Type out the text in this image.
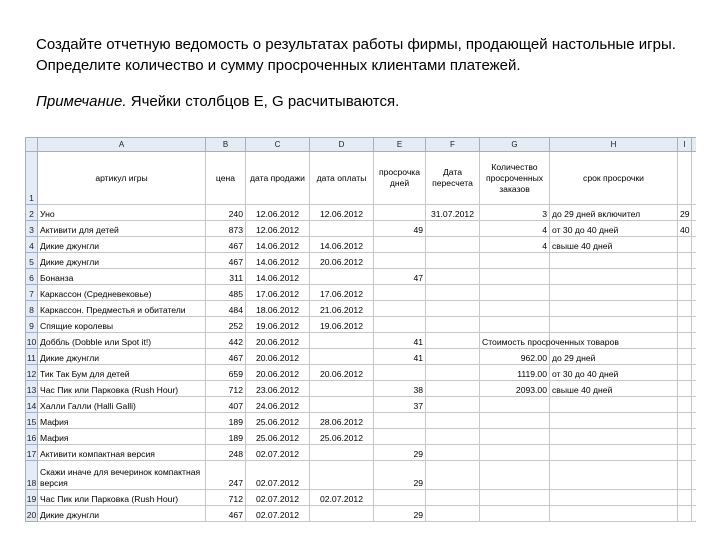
Создайте отчетную ведомость о результатах работы фирмы, продающей настольные игры. Определите количество и сумму просроченных клиентами платежей.

Примечание. Ячейки столбцов E, G расчитываются.

	A	B	C	D	E	F	G	H	I	
1	артикул игры	цена	дата продажи	дата оплаты	просрочка дней	Дата пересчета	Количество просроченных заказов	срок просрочки		
2	Уно	240	12.06.2012	12.06.2012		31.07.2012	3	до 29 дней включител	29	
3	Активити для детей	873	12.06.2012		49		4	от 30 до 40 дней	40	
4	Дикие джунгли	467	14.06.2012	14.06.2012			4	свыше 40 дней		
5	Дикие джунгли	467	14.06.2012	20.06.2012						
6	Бонанза	311	14.06.2012		47					
7	Каркассон (Средневековье)	485	17.06.2012	17.06.2012						
8	Каркассон. Предместья и обитатели	484	18.06.2012	21.06.2012						
9	Спящие королевы	252	19.06.2012	19.06.2012						
10	Доббль (Dobble или Spot it!)	442	20.06.2012		41		Стоимость просроченных товаров			
11	Дикие джунгли	467	20.06.2012		41		962.00	до 29 дней		
12	Тик Так Бум для детей	659	20.06.2012	20.06.2012			1119.00	от 30 до 40 дней		
13	Час Пик или Парковка (Rush Hour)	712	23.06.2012		38		2093.00	свыше 40 дней		
14	Халли Галли (Halli Galli)	407	24.06.2012		37					
15	Мафия	189	25.06.2012	28.06.2012						
16	Мафия	189	25.06.2012	25.06.2012						
17	Активити компактная версия	248	02.07.2012		29					
18	Скажи иначе для вечеринок компактная версия	247	02.07.2012		29					
19	Час Пик или Парковка (Rush Hour)	712	02.07.2012	02.07.2012						
20	Дикие джунгли	467	02.07.2012		29					
